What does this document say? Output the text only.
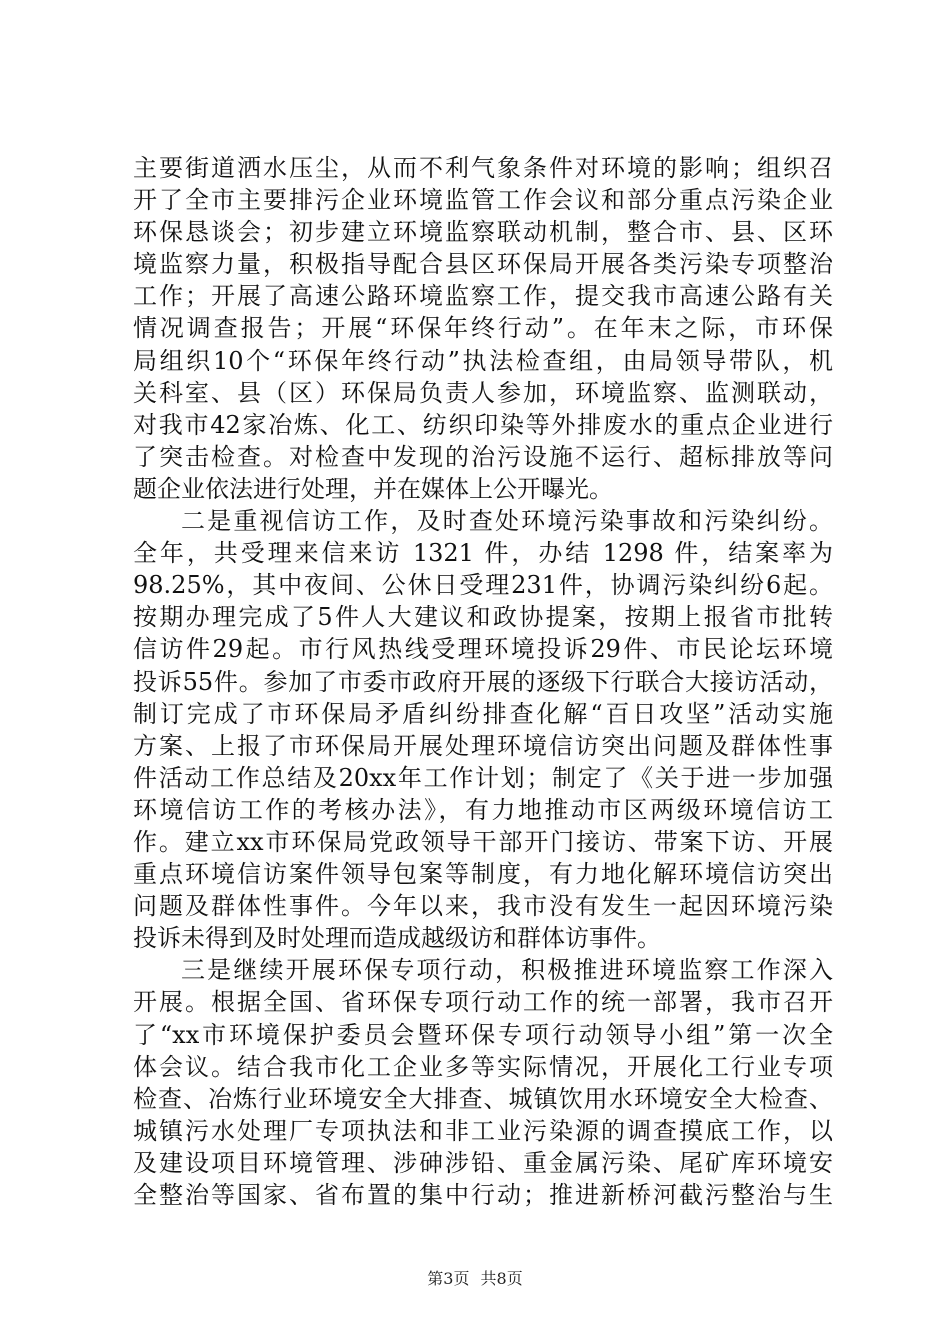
主要街道洒水压尘，从而不利气象条件对环境的影响；组织召
开了全市主要排污企业环境监管工作会议和部分重点污染企业
环保恳谈会；初步建立环境监察联动机制，整合市、县、区环
境监察力量，积极指导配合县区环保局开展各类污染专项整治
工作；开展了高速公路环境监察工作，提交我市高速公路有关
情况调查报告；开展“环保年终行动”。在年末之际，市环保
局组织10个“环保年终行动”执法检查组，由局领导带队，机
关科室、县（区）环保局负责人参加，环境监察、监测联动，
对我市42家冶炼、化工、纺织印染等外排废水的重点企业进行
了突击检查。对检查中发现的治污设施不运行、超标排放等问
题企业依法进行处理，并在媒体上公开曝光。
二是重视信访工作，及时查处环境污染事故和污染纠纷。
全年，共受理来信来访 1321 件，办结 1298 件，结案率为
98.25%，其中夜间、公休日受理231件，协调污染纠纷6起。
按期办理完成了5件人大建议和政协提案，按期上报省市批转
信访件29起。市行风热线受理环境投诉29件、市民论坛环境
投诉55件。参加了市委市政府开展的逐级下行联合大接访活动，
制订完成了市环保局矛盾纠纷排查化解“百日攻坚”活动实施
方案、上报了市环保局开展处理环境信访突出问题及群体性事
件活动工作总结及20xx年工作计划；制定了《关于进一步加强
环境信访工作的考核办法》，有力地推动市区两级环境信访工
作。建立xx市环保局党政领导干部开门接访、带案下访、开展
重点环境信访案件领导包案等制度，有力地化解环境信访突出
问题及群体性事件。今年以来，我市没有发生一起因环境污染
投诉未得到及时处理而造成越级访和群体访事件。
三是继续开展环保专项行动，积极推进环境监察工作深入
开展。根据全国、省环保专项行动工作的统一部署，我市召开
了“xx市环境保护委员会暨环保专项行动领导小组”第一次全
体会议。结合我市化工企业多等实际情况，开展化工行业专项
检查、冶炼行业环境安全大排查、城镇饮用水环境安全大检查、
城镇污水处理厂专项执法和非工业污染源的调查摸底工作，以
及建设项目环境管理、涉砷涉铅、重金属污染、尾矿库环境安
全整治等国家、省布置的集中行动；推进新桥河截污整治与生
第3页 共8页
